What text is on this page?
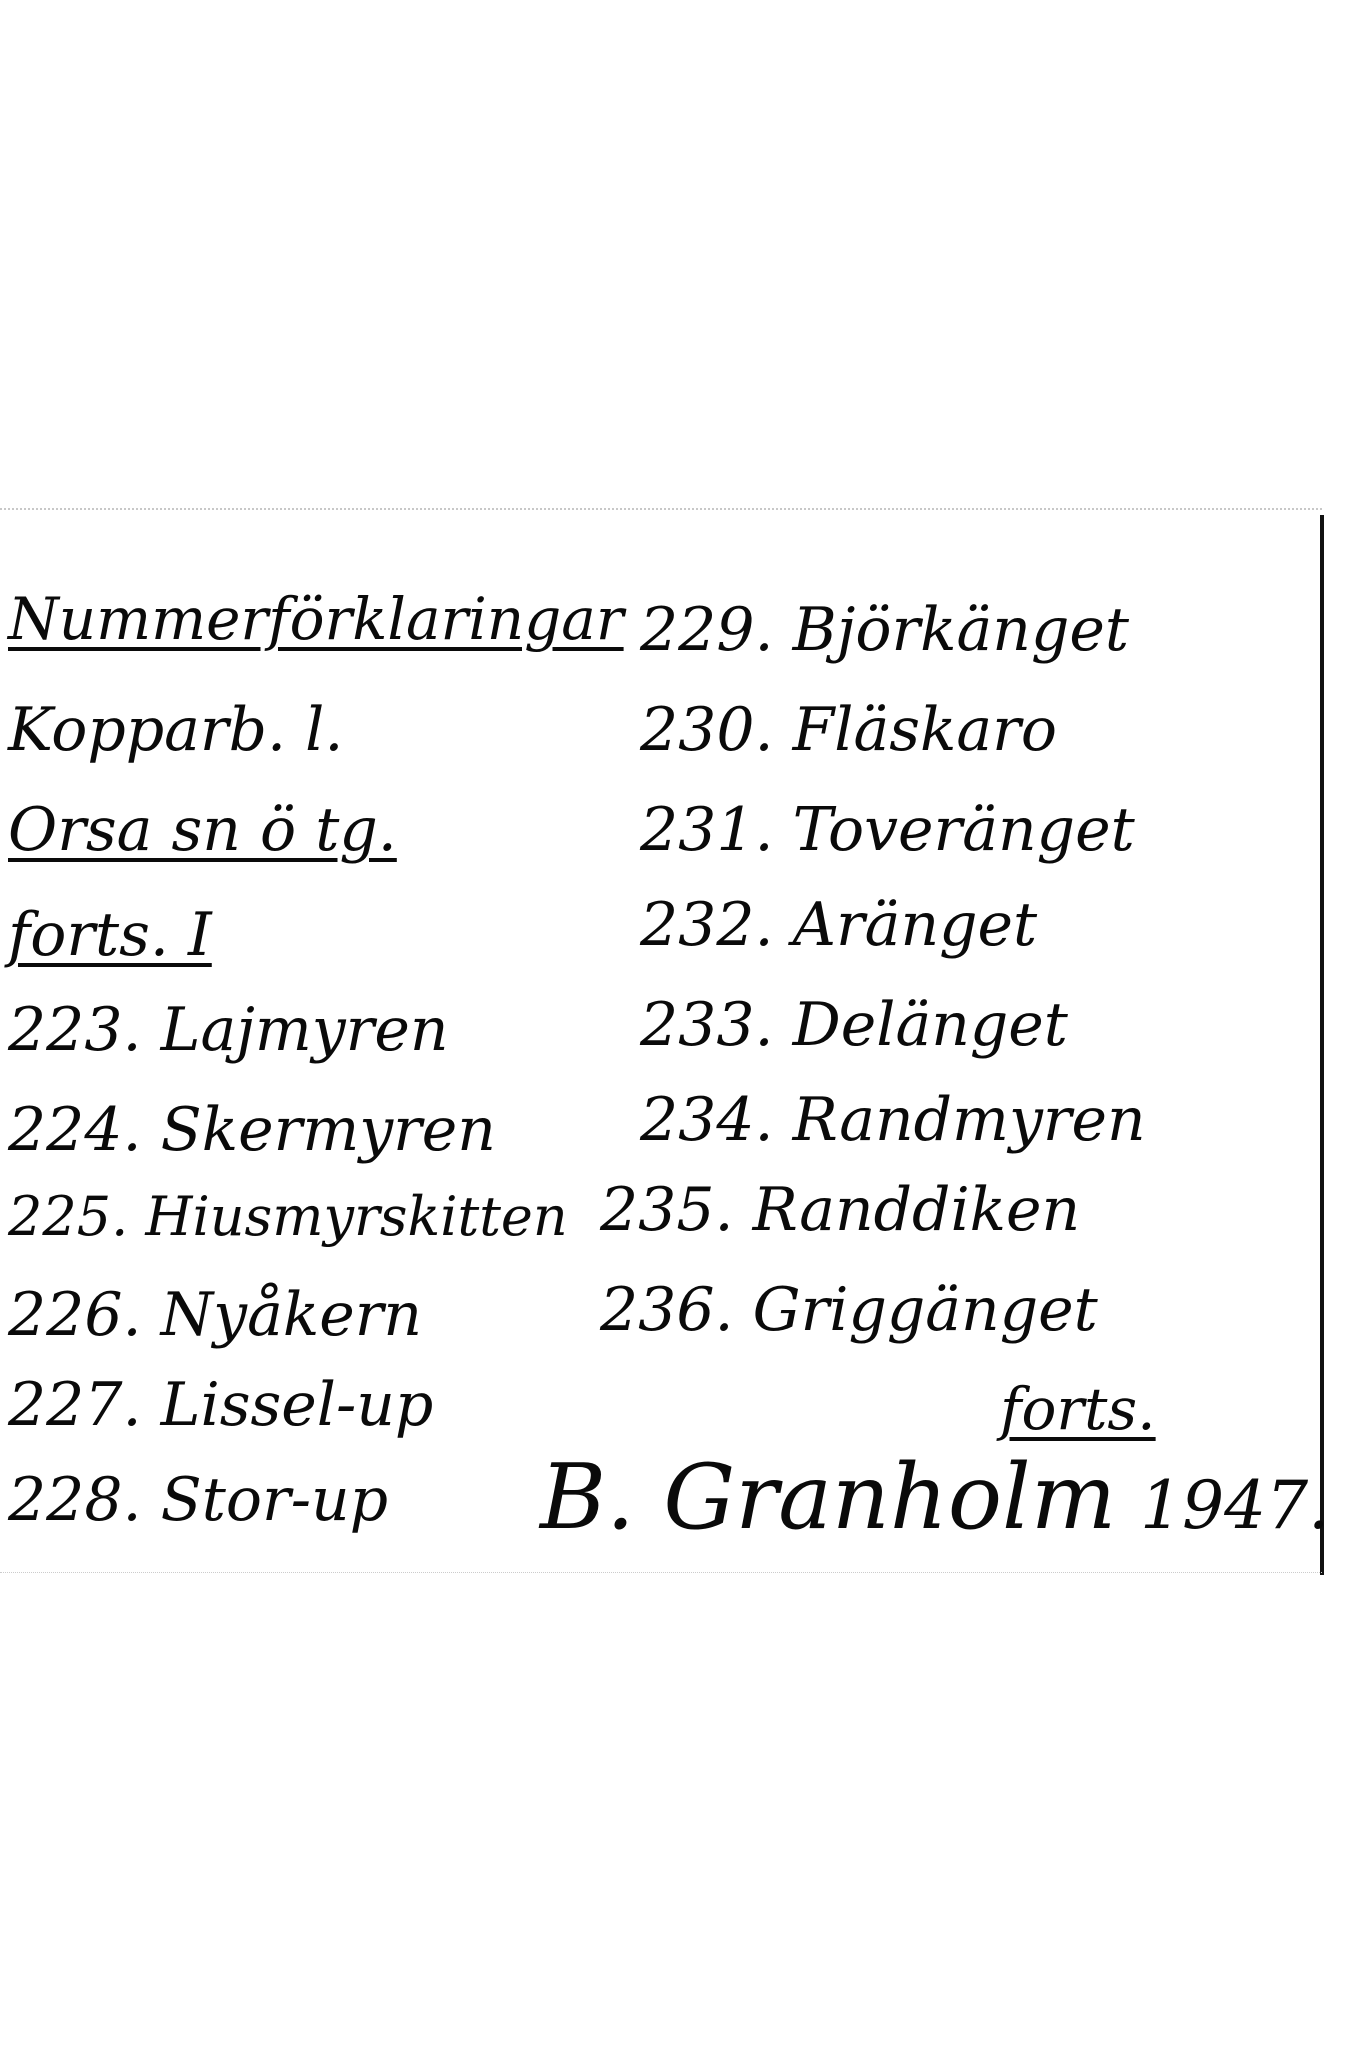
Nummerförklaringar
Kopparb. l.
Orsa sn ö tg.
forts. I
223. Lajmyren
224. Skermyren
225. Hiusmyrskitten
226. Nyåkern
227. Lissel-up
228. Stor-up
229. Björkänget
230. Fläskaro
231. Toveränget
232. Aränget
233. Delänget
234. Randmyren
235. Randdiken
236. Griggänget
forts.
B. Granholm 1947.
